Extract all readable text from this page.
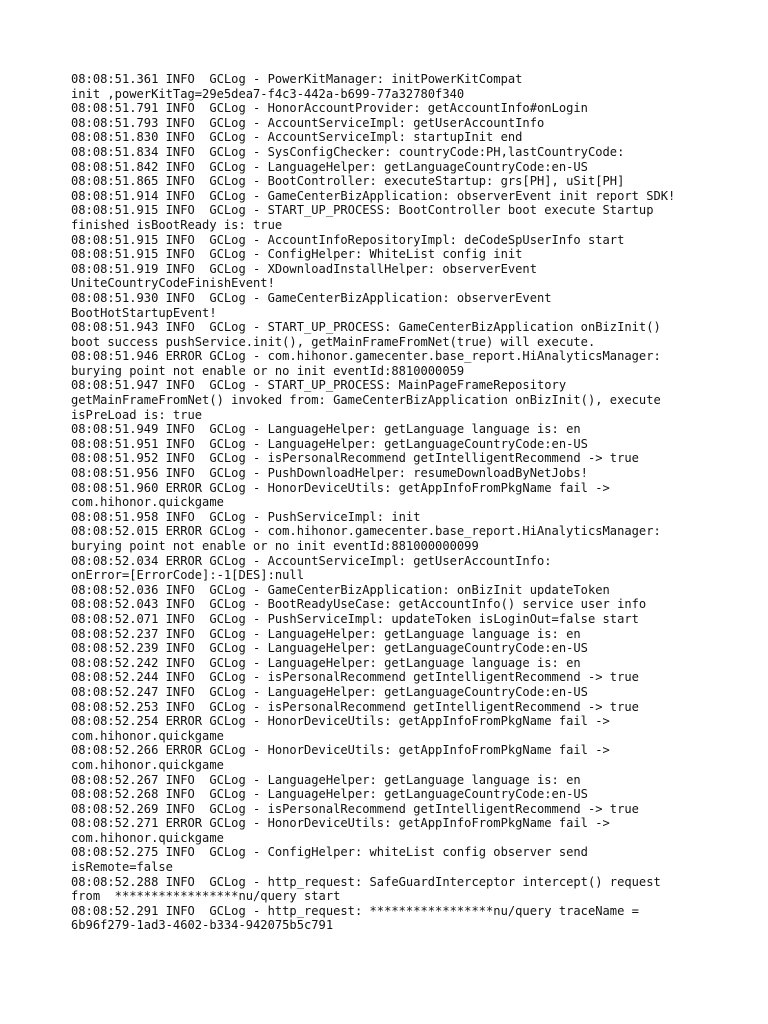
08:08:51.361 INFO  GCLog - PowerKitManager: initPowerKitCompat
init ,powerKitTag=29e5dea7-f4c3-442a-b699-77a32780f340
08:08:51.791 INFO  GCLog - HonorAccountProvider: getAccountInfo#onLogin
08:08:51.793 INFO  GCLog - AccountServiceImpl: getUserAccountInfo
08:08:51.830 INFO  GCLog - AccountServiceImpl: startupInit end
08:08:51.834 INFO  GCLog - SysConfigChecker: countryCode:PH,lastCountryCode:
08:08:51.842 INFO  GCLog - LanguageHelper: getLanguageCountryCode:en-US
08:08:51.865 INFO  GCLog - BootController: executeStartup: grs[PH], uSit[PH]
08:08:51.914 INFO  GCLog - GameCenterBizApplication: observerEvent init report SDK!
08:08:51.915 INFO  GCLog - START_UP_PROCESS: BootController boot execute Startup
finished isBootReady is: true
08:08:51.915 INFO  GCLog - AccountInfoRepositoryImpl: deCodeSpUserInfo start
08:08:51.915 INFO  GCLog - ConfigHelper: WhiteList config init
08:08:51.919 INFO  GCLog - XDownloadInstallHelper: observerEvent
UniteCountryCodeFinishEvent!
08:08:51.930 INFO  GCLog - GameCenterBizApplication: observerEvent
BootHotStartupEvent!
08:08:51.943 INFO  GCLog - START_UP_PROCESS: GameCenterBizApplication onBizInit()
boot success pushService.init(), getMainFrameFromNet(true) will execute.
08:08:51.946 ERROR GCLog - com.hihonor.gamecenter.base_report.HiAnalyticsManager:
burying point not enable or no init eventId:8810000059
08:08:51.947 INFO  GCLog - START_UP_PROCESS: MainPageFrameRepository
getMainFrameFromNet() invoked from: GameCenterBizApplication onBizInit(), execute
isPreLoad is: true
08:08:51.949 INFO  GCLog - LanguageHelper: getLanguage language is: en
08:08:51.951 INFO  GCLog - LanguageHelper: getLanguageCountryCode:en-US
08:08:51.952 INFO  GCLog - isPersonalRecommend getIntelligentRecommend -> true
08:08:51.956 INFO  GCLog - PushDownloadHelper: resumeDownloadByNetJobs!
08:08:51.960 ERROR GCLog - HonorDeviceUtils: getAppInfoFromPkgName fail ->
com.hihonor.quickgame
08:08:51.958 INFO  GCLog - PushServiceImpl: init
08:08:52.015 ERROR GCLog - com.hihonor.gamecenter.base_report.HiAnalyticsManager:
burying point not enable or no init eventId:881000000099
08:08:52.034 ERROR GCLog - AccountServiceImpl: getUserAccountInfo:
onError=[ErrorCode]:-1[DES]:null
08:08:52.036 INFO  GCLog - GameCenterBizApplication: onBizInit updateToken
08:08:52.043 INFO  GCLog - BootReadyUseCase: getAccountInfo() service user info
08:08:52.071 INFO  GCLog - PushServiceImpl: updateToken isLoginOut=false start
08:08:52.237 INFO  GCLog - LanguageHelper: getLanguage language is: en
08:08:52.239 INFO  GCLog - LanguageHelper: getLanguageCountryCode:en-US
08:08:52.242 INFO  GCLog - LanguageHelper: getLanguage language is: en
08:08:52.244 INFO  GCLog - isPersonalRecommend getIntelligentRecommend -> true
08:08:52.247 INFO  GCLog - LanguageHelper: getLanguageCountryCode:en-US
08:08:52.253 INFO  GCLog - isPersonalRecommend getIntelligentRecommend -> true
08:08:52.254 ERROR GCLog - HonorDeviceUtils: getAppInfoFromPkgName fail ->
com.hihonor.quickgame
08:08:52.266 ERROR GCLog - HonorDeviceUtils: getAppInfoFromPkgName fail ->
com.hihonor.quickgame
08:08:52.267 INFO  GCLog - LanguageHelper: getLanguage language is: en
08:08:52.268 INFO  GCLog - LanguageHelper: getLanguageCountryCode:en-US
08:08:52.269 INFO  GCLog - isPersonalRecommend getIntelligentRecommend -> true
08:08:52.271 ERROR GCLog - HonorDeviceUtils: getAppInfoFromPkgName fail ->
com.hihonor.quickgame
08:08:52.275 INFO  GCLog - ConfigHelper: whiteList config observer send
isRemote=false
08:08:52.288 INFO  GCLog - http_request: SafeGuardInterceptor intercept() request
from  *****************nu/query start
08:08:52.291 INFO  GCLog - http_request: *****************nu/query traceName =
6b96f279-1ad3-4602-b334-942075b5c791
